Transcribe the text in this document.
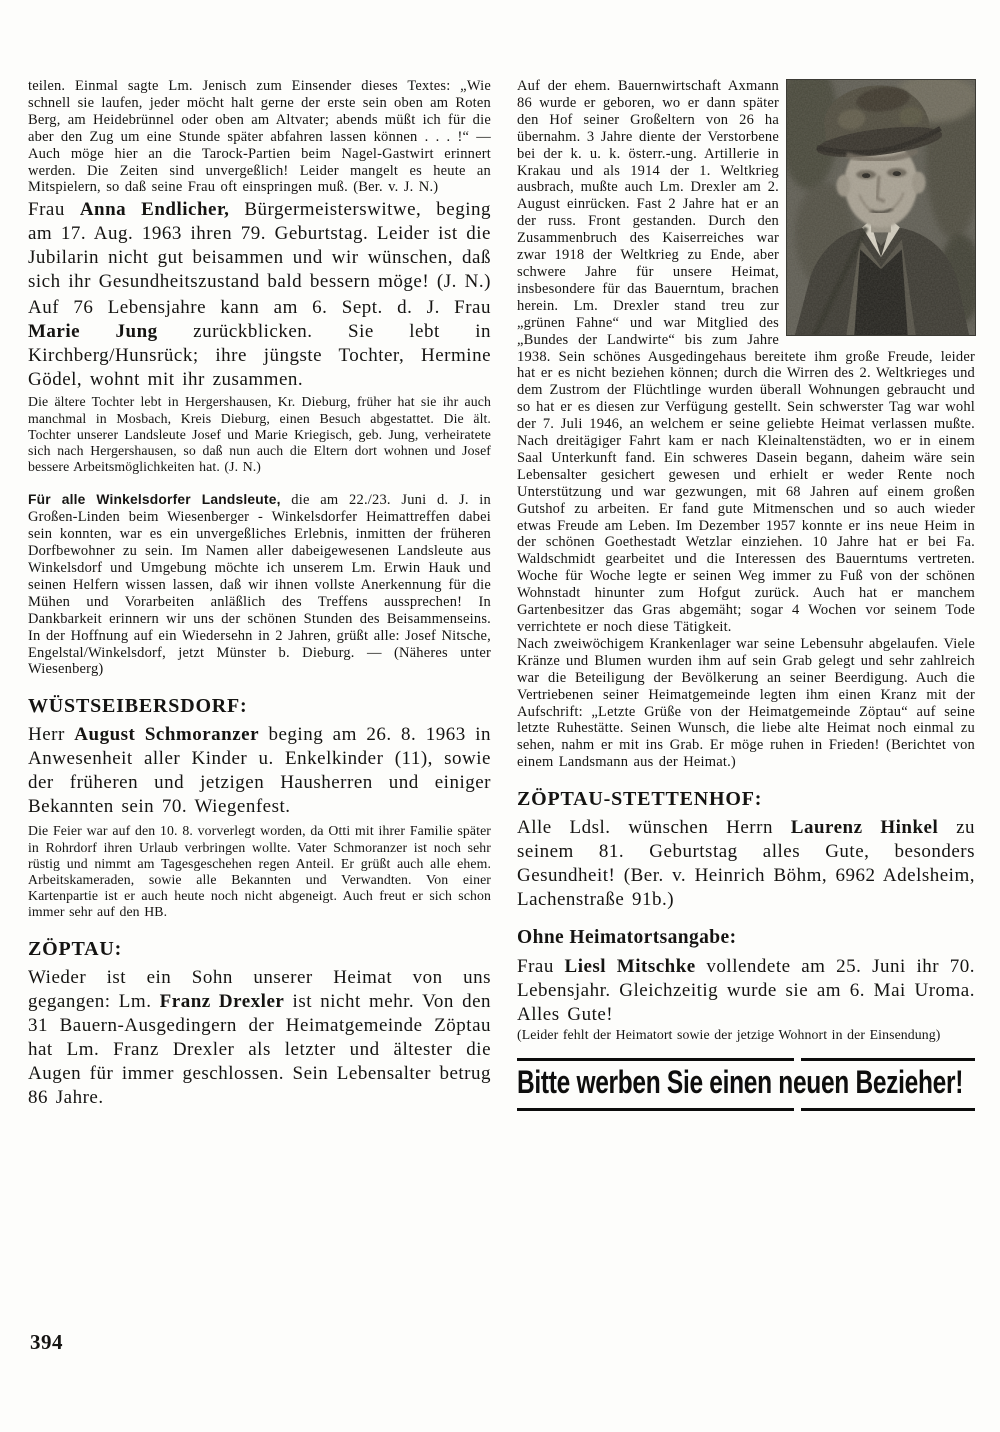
teilen. Einmal sagte Lm. Jenisch zum Einsender dieses Textes: „Wie schnell sie laufen, jeder möcht halt gerne der erste sein oben am Roten Berg, am Heidebrünnel oder oben am Altvater; abends müßt ich für die aber den Zug um eine Stunde später abfahren lassen können . . . !“ — Auch möge hier an die Tarock-Partien beim Nagel-Gastwirt erinnert werden. Die Zeiten sind unvergeßlich! Leider mangelt es heute an Mitspielern, so daß seine Frau oft einspringen muß. (Ber. v. J. N.)

Frau Anna Endlicher, Bürgermeisterswitwe, beging am 17. Aug. 1963 ihren 79. Geburtstag. Leider ist die Jubilarin nicht gut beisammen und wir wünschen, daß sich ihr Gesundheitszustand bald bessern möge! (J. N.)

Auf 76 Lebensjahre kann am 6. Sept. d. J. Frau Marie Jung zurückblicken. Sie lebt in Kirchberg/Hunsrück; ihre jüngste Tochter, Hermine Gödel, wohnt mit ihr zusammen.

Die ältere Tochter lebt in Hergershausen, Kr. Dieburg, früher hat sie ihr auch manchmal in Mosbach, Kreis Dieburg, einen Besuch abgestattet. Die ält. Tochter unserer Landsleute Josef und Marie Kriegisch, geb. Jung, verheiratete sich nach Hergershausen, so daß nun auch die Eltern dort wohnen und Josef bessere Arbeitsmöglichkeiten hat. (J. N.)

Für alle Winkelsdorfer Landsleute, die am 22./23. Juni d. J. in Großen-Linden beim Wiesenberger - Winkelsdorfer Heimattreffen dabei sein konnten, war es ein unvergeßliches Erlebnis, inmitten der früheren Dorfbewohner zu sein. Im Namen aller dabeigewesenen Landsleute aus Winkelsdorf und Umgebung möchte ich unserem Lm. Erwin Hauk und seinen Helfern wissen lassen, daß wir ihnen vollste Anerkennung für die Mühen und Vorarbeiten anläßlich des Treffens aussprechen! In Dankbarkeit erinnern wir uns der schönen Stunden des Beisammenseins. In der Hoffnung auf ein Wiedersehn in 2 Jahren, grüßt alle: Josef Nitsche, Engelstal/Winkelsdorf, jetzt Münster b. Dieburg. — (Näheres unter Wiesenberg)

WÜSTSEIBERSDORF:

Herr August Schmoranzer beging am 26. 8. 1963 in Anwesenheit aller Kinder u. Enkelkinder (11), sowie der früheren und jetzigen Hausherren und einiger Bekannten sein 70. Wiegenfest.

Die Feier war auf den 10. 8. vorverlegt worden, da Otti mit ihrer Familie später in Rohrdorf ihren Urlaub verbringen wollte. Vater Schmoranzer ist noch sehr rüstig und nimmt am Tagesgeschehen regen Anteil. Er grüßt auch alle ehem. Arbeitskameraden, sowie alle Bekannten und Verwandten. Von einer Kartenpartie ist er auch heute noch nicht abgeneigt. Auch freut er sich schon immer sehr auf den HB.

ZÖPTAU:

Wieder ist ein Sohn unserer Heimat von uns gegangen: Lm. Franz Drexler ist nicht mehr. Von den 31 Bauern-Ausgedingern der Heimatgemeinde Zöptau hat Lm. Franz Drexler als letzter und ältester die Augen für immer geschlossen. Sein Lebensalter betrug 86 Jahre.

Auf der ehem. Bauernwirtschaft Axmann 86 wurde er geboren, wo er dann später den Hof seiner Großeltern von 26 ha übernahm. 3 Jahre diente der Verstorbene bei der k. u. k. österr.-ung. Artillerie in Krakau und als 1914 der 1. Weltkrieg ausbrach, mußte auch Lm. Drexler am 2. August einrücken. Fast 2 Jahre hat er an der russ. Front gestanden. Durch den Zusammenbruch des Kaiserreiches war zwar 1918 der Weltkrieg zu Ende, aber schwere Jahre für unsere Heimat, insbesondere für das Bauerntum, brachen herein. Lm. Drexler stand treu zur „grünen Fahne“ und war Mitglied des „Bundes der Landwirte“ bis zum Jahre 1938. Sein schönes Ausgedingehaus bereitete ihm große Freude, leider hat er es nicht beziehen können; durch die Wirren des 2. Weltkrieges und dem Zustrom der Flüchtlinge wurden überall Wohnungen gebraucht und so hat er es diesen zur Verfügung gestellt. Sein schwerster Tag war wohl der 7. Juli 1946, an welchem er seine geliebte Heimat verlassen mußte. Nach dreitägiger Fahrt kam er nach Kleinaltenstädten, wo er in einem Saal Unterkunft fand. Ein schweres Dasein begann, daheim wäre sein Lebensalter gesichert gewesen und erhielt er weder Rente noch Unterstützung und war gezwungen, mit 68 Jahren auf einem großen Gutshof zu arbeiten. Er fand gute Mitmenschen und so auch wieder etwas Freude am Leben. Im Dezember 1957 konnte er ins neue Heim in der schönen Goethestadt Wetzlar einziehen. 10 Jahre hat er bei Fa. Waldschmidt gearbeitet und die Interessen des Bauerntums vertreten. Woche für Woche legte er seinen Weg immer zu Fuß von der schönen Wohnstadt hinunter zum Hofgut zurück. Auch hat er manchem Gartenbesitzer das Gras abgemäht; sogar 4 Wochen vor seinem Tode verrichtete er noch diese Tätigkeit.

Nach zweiwöchigem Krankenlager war seine Lebensuhr abgelaufen. Viele Kränze und Blumen wurden ihm auf sein Grab gelegt und sehr zahlreich war die Beteiligung der Bevölkerung an seiner Beerdigung. Auch die Vertriebenen seiner Heimatgemeinde legten ihm einen Kranz mit der Aufschrift: „Letzte Grüße von der Heimatgemeinde Zöptau“ auf seine letzte Ruhestätte. Seinen Wunsch, die liebe alte Heimat noch einmal zu sehen, nahm er mit ins Grab. Er möge ruhen in Frieden! (Berichtet von einem Landsmann aus der Heimat.)

ZÖPTAU-STETTENHOF:

Alle Ldsl. wünschen Herrn Laurenz Hinkel zu seinem 81. Geburtstag alles Gute, besonders Gesundheit! (Ber. v. Heinrich Böhm, 6962 Adelsheim, Lachenstraße 91b.)

Ohne Heimatortsangabe:

Frau Liesl Mitschke vollendete am 25. Juni ihr 70. Lebensjahr. Gleichzeitig wurde sie am 6. Mai Uroma. Alles Gute!

(Leider fehlt der Heimatort sowie der jetzige Wohnort in der Einsendung)

Bitte werben Sie einen neuen Bezieher!
394
